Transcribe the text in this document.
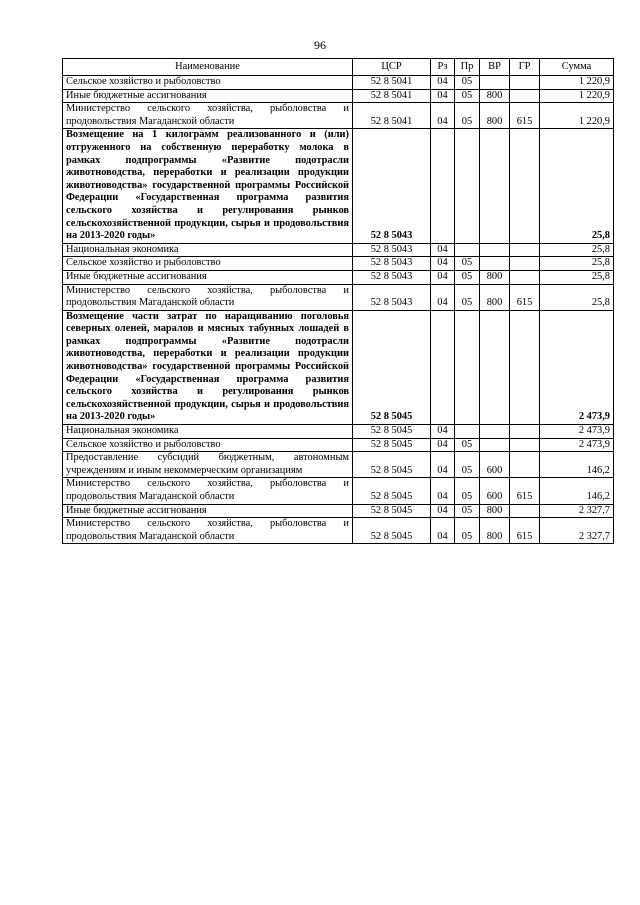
96
Наименование	ЦСР	Рз	Пр	ВР	ГР	Сумма
Сельское хозяйство и рыболовство	52 8 5041	04	05			1 220,9
Иные бюджетные ассигнования	52 8 5041	04	05	800		1 220,9
Министерство сельского хозяйства, рыболовства и продовольствия Магаданской области	52 8 5041	04	05	800	615	1 220,9
Возмещение на 1 килограмм реализованного и (или) отгруженного на собственную переработку молока в рамках подпрограммы «Развитие подотрасли животноводства, переработки и реализации продукции животноводства» государственной программы Российской Федерации «Государственная программа развития сельского хозяйства и регулирования рынков сельскохозяйственной продукции, сырья и продовольствия на 2013-2020 годы»	52 8 5043					25,8
Национальная экономика	52 8 5043	04				25,8
Сельское хозяйство и рыболовство	52 8 5043	04	05			25,8
Иные бюджетные ассигнования	52 8 5043	04	05	800		25,8
Министерство сельского хозяйства, рыболовства и продовольствия Магаданской области	52 8 5043	04	05	800	615	25,8
Возмещение части затрат по наращиванию поголовья северных оленей, маралов и мясных табунных лошадей в рамках подпрограммы «Развитие подотрасли животноводства, переработки и реализации продукции животноводства» государственной программы Российской Федерации «Государственная программа развития сельского хозяйства и регулирования рынков сельскохозяйственной продукции, сырья и продовольствия на 2013-2020 годы»	52 8 5045					2 473,9
Национальная экономика	52 8 5045	04				2 473,9
Сельское хозяйство и рыболовство	52 8 5045	04	05			2 473,9
Предоставление субсидий бюджетным, автономным учреждениям и иным некоммерческим организациям	52 8 5045	04	05	600		146,2
Министерство сельского хозяйства, рыболовства и продовольствия Магаданской области	52 8 5045	04	05	600	615	146,2
Иные бюджетные ассигнования	52 8 5045	04	05	800		2 327,7
Министерство сельского хозяйства, рыболовства и продовольствия Магаданской области	52 8 5045	04	05	800	615	2 327,7
